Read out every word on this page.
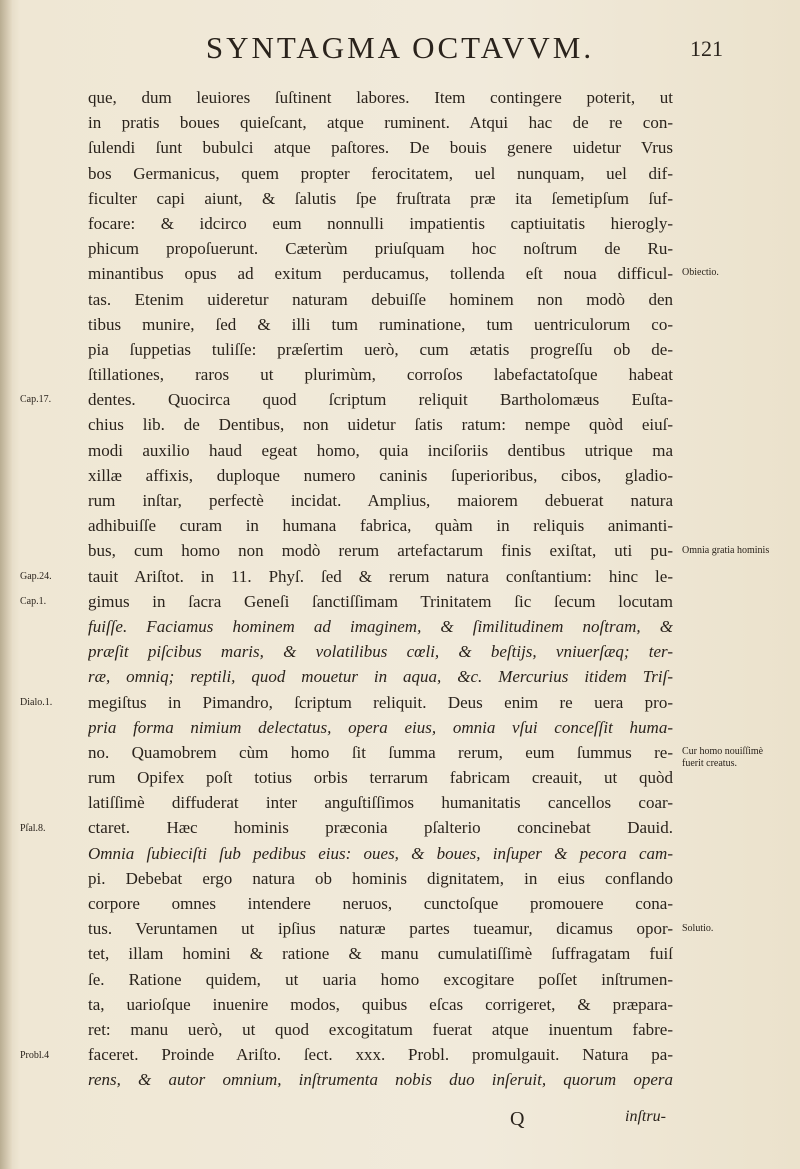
SYNTAGMA OCTAVVM.	121
que, dum leuiores ſuſtinent labores. Item contingere poterit, ut
in pratis boues quieſcant, atque ruminent. Atqui hac de re con-
ſulendi ſunt bubulci atque paſtores. De bouis genere uidetur Vrus
bos Germanicus, quem propter ferocitatem, uel nunquam, uel dif-
ficulter capi aiunt, & ſalutis ſpe fruſtrata præ ita ſemetipſum ſuf-
focare: & idcirco eum nonnulli impatientis captiuitatis hierogly-
phicum propoſuerunt. Cæterùm priuſquam hoc noſtrum de Ru-
minantibus opus ad exitum perducamus, tollenda eſt noua difficul-
tas. Etenim uideretur naturam debuiſſe hominem non modò den
tibus munire, ſed & illi tum ruminatione, tum uentriculorum co-
pia ſuppetias tuliſſe: præſertim uerò, cum ætatis progreſſu ob de-
ſtillationes, raros ut plurimùm, corroſos labefactatoſque habeat
dentes. Quocirca quod ſcriptum reliquit Bartholomæus Euſta-
chius lib. de Dentibus, non uidetur ſatis ratum: nempe quòd eiuſ-
modi auxilio haud egeat homo, quia inciſoriis dentibus utrique ma
xillæ affixis, duploque numero caninis ſuperioribus, cibos, gladio-
rum inſtar, perfectè incidat. Amplius, maiorem debuerat natura
adhibuiſſe curam in humana fabrica, quàm in reliquis animanti-
bus, cum homo non modò rerum artefactarum finis exiſtat, uti pu-
tauit Ariſtot. in 11. Phyſ. ſed & rerum natura conſtantium: hinc le-
gimus in ſacra Geneſi ſanctiſſimam Trinitatem ſic ſecum locutam
fuiſſe. Faciamus hominem ad imaginem, & ſimilitudinem noſtram, &
præſit piſcibus maris, & volatilibus cœli, & beſtijs, vniuerſæq; ter-
ræ, omniq; reptili, quod mouetur in aqua, &c. Mercurius itidem Triſ-
megiſtus in Pimandro, ſcriptum reliquit. Deus enim re uera pro-
pria forma nimium delectatus, opera eius, omnia vſui conceſſit huma-
no. Quamobrem cùm homo ſit ſumma rerum, eum ſummus re-
rum Opifex poſt totius orbis terrarum fabricam creauit, ut quòd
latiſſimè diffuderat inter anguſtiſſimos humanitatis cancellos coar-
ctaret. Hæc hominis præconia pſalterio concinebat Dauid.
Omnia ſubieciſti ſub pedibus eius: oues, & boues, inſuper & pecora cam-
pi. Debebat ergo natura ob hominis dignitatem, in eius conflando
corpore omnes intendere neruos, cunctoſque promouere cona-
tus. Veruntamen ut ipſius naturæ partes tueamur, dicamus opor-
tet, illam homini & ratione & manu cumulatiſſimè ſuffragatam fuiſ
ſe. Ratione quidem, ut uaria homo excogitare poſſet inſtrumen-
ta, uarioſque inuenire modos, quibus eſcas corrigeret, & præpara-
ret: manu uerò, ut quod excogitatum fuerat atque inuentum fabre-
faceret. Proinde Ariſto. ſect. xxx. Probl. promulgauit. Natura pa-
rens, & autor omnium, inſtrumenta nobis duo inſeruit, quorum opera
Cap.17.
Gap.24.
Cap.1.
Dialo.1.
Pſal.8.
Probl.4
Obiectio.
Omnia gratia hominis
Cur homo nouiſſimè fuerit creatus.
Solutio.
Q	inſtru-
